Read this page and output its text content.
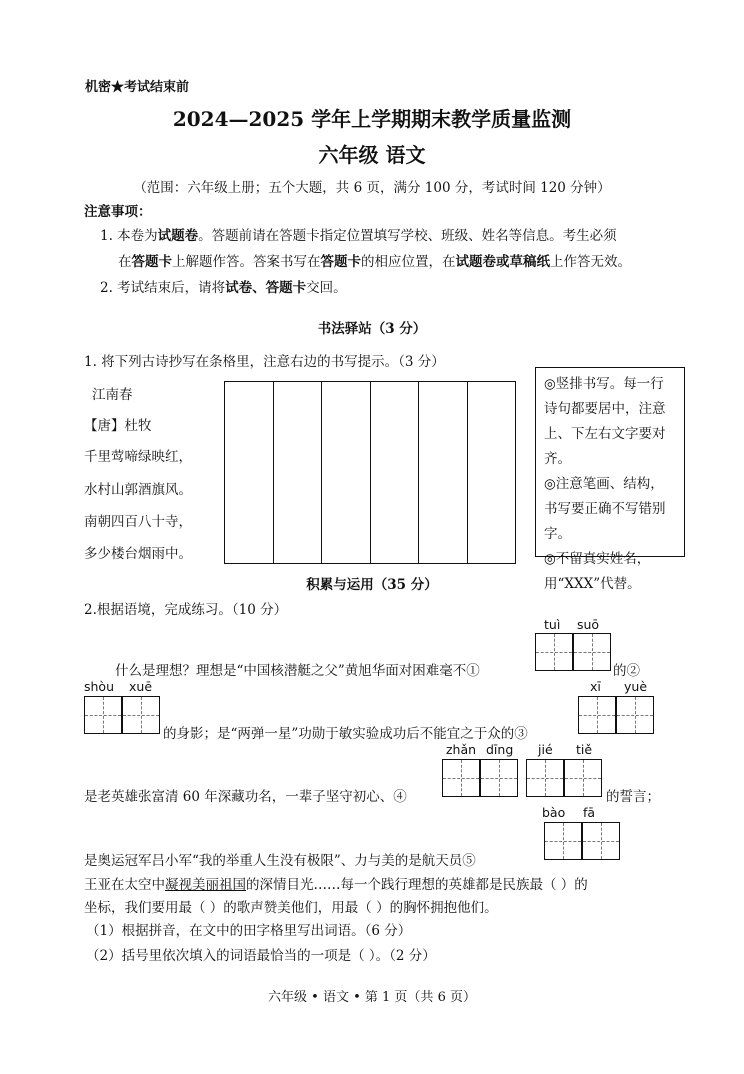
机密★考试结束前
2024—2025 学年上学期期末教学质量监测
六年级 语文
（范围：六年级上册；五个大题，共 6 页，满分 100 分，考试时间 120 分钟）
注意事项：
1. 本卷为试题卷。答题前请在答题卡指定位置填写学校、班级、姓名等信息。考生必须
在答题卡上解题作答。答案书写在答题卡的相应位置，在试题卷或草稿纸上作答无效。
2. 考试结束后，请将试卷、答题卡交回。
书法驿站（3 分）
1. 将下列古诗抄写在条格里，注意右边的书写提示。（3 分）
江南春
【唐】杜牧
千里莺啼绿映红，
水村山郭酒旗风。
南朝四百八十寺，
多少楼台烟雨中。
◎竖排书写。每一行诗句都要居中，注意上、下左右文字要对齐。
◎注意笔画、结构，书写要正确不写错别字。
◎不留真实姓名，用“XXX”代替。
积累与运用（35 分）
2.根据语境，完成练习。（10 分）
tuì suō
什么是理想？理想是“中国核潜艇之父”黄旭华面对困难毫不①	的②
shòu xuē	xī yuè
的身影；是“两弹一星”功勋于敏实验成功后不能宜之于众的③
zhǎn dīng jié tiě
是老英雄张富清 60 年深藏功名，一辈子坚守初心、④	的誓言；
bào fā
是奥运冠军吕小军“我的举重人生没有极限”、力与美的是航天员⑤
王亚在太空中凝视美丽祖国的深情目光……每一个践行理想的英雄都是民族最（ ）的
坐标，我们要用最（ ）的歌声赞美他们，用最（ ）的胸怀拥抱他们。
（1）根据拼音，在文中的田字格里写出词语。（6 分）
（2）括号里依次填入的词语最恰当的一项是（ ）。（2 分）
六年级 • 语文 • 第 1 页（共 6 页）
